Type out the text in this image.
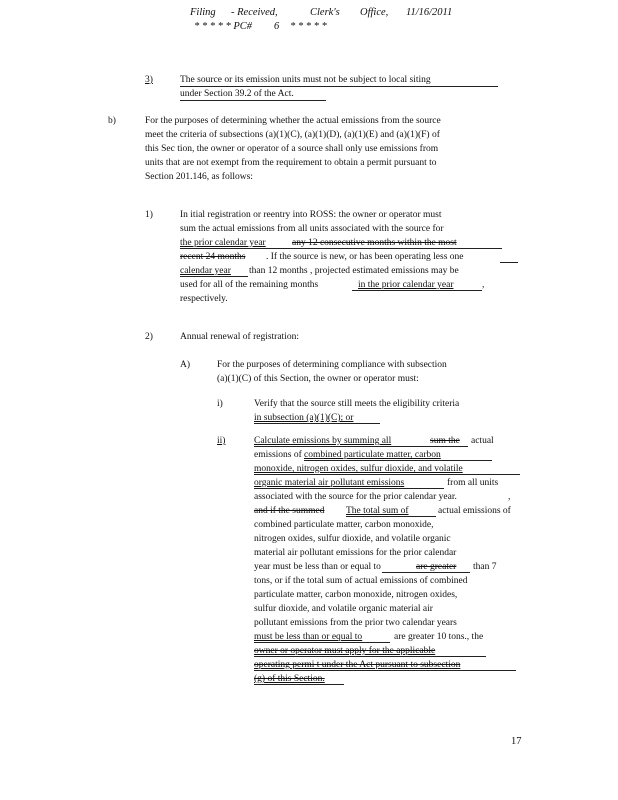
Filing - Received,	Clerk's Office, 11/16/2011
* * * * * PC# 6 * * * * *
3)	The source or its emission units must not be subject to local siting
under Section 39.2 of the Act.
b)	For the purposes of determining whether the actual emissions from the source
meet the criteria of subsections (a)(1)(C), (a)(1)(D), (a)(1)(E) and (a)(1)(F) of
this Sec tion, the owner or operator of a source shall only use emissions from
units that are not exempt from the requirement to obtain a permit pursuant to
Section 201.146, as follows:
1)	In itial registration or reentry into ROSS: the owner or operator must
sum the actual emissions from all units associated with the source for
the prior calendar year	any 12 consecutive months within the most
recent 24 months . If the source is new, or has been operating less one
calendar year than 12 months , projected estimated emissions may be
used for all of the remaining months	in the prior calendar year	,
respectively.
2)	Annual renewal of registration:
A)	For the purposes of determining compliance with subsection
(a)(1)(C) of this Section, the owner or operator must:
i)	Verify that the source still meets the eligibility criteria
in subsection (a)(1)(C); or
ii)	Calculate emissions by summing all	sum the actual
emissions of combined particulate matter, carbon
monoxide, nitrogen oxides, sulfur dioxide, and volatile
organic material air pollutant emissions	from all units
associated with the source for the prior calendar year.	,
and if the summed The total sum of	actual emissions of
combined particulate matter, carbon monoxide,
nitrogen oxides, sulfur dioxide, and volatile organic
material air pollutant emissions for the prior calendar
year must be less than or equal to	are greater than 7
tons, or if the total sum of actual emissions of combined
particulate matter, carbon monoxide, nitrogen oxides,
sulfur dioxide, and volatile organic material air
pollutant emissions from the prior two calendar years
must be less than or equal to	are greater 10 tons., the
owner or operator must apply for the applicable
operating permi t under the Act pursuant to subsection
(g) of this Section.
17
